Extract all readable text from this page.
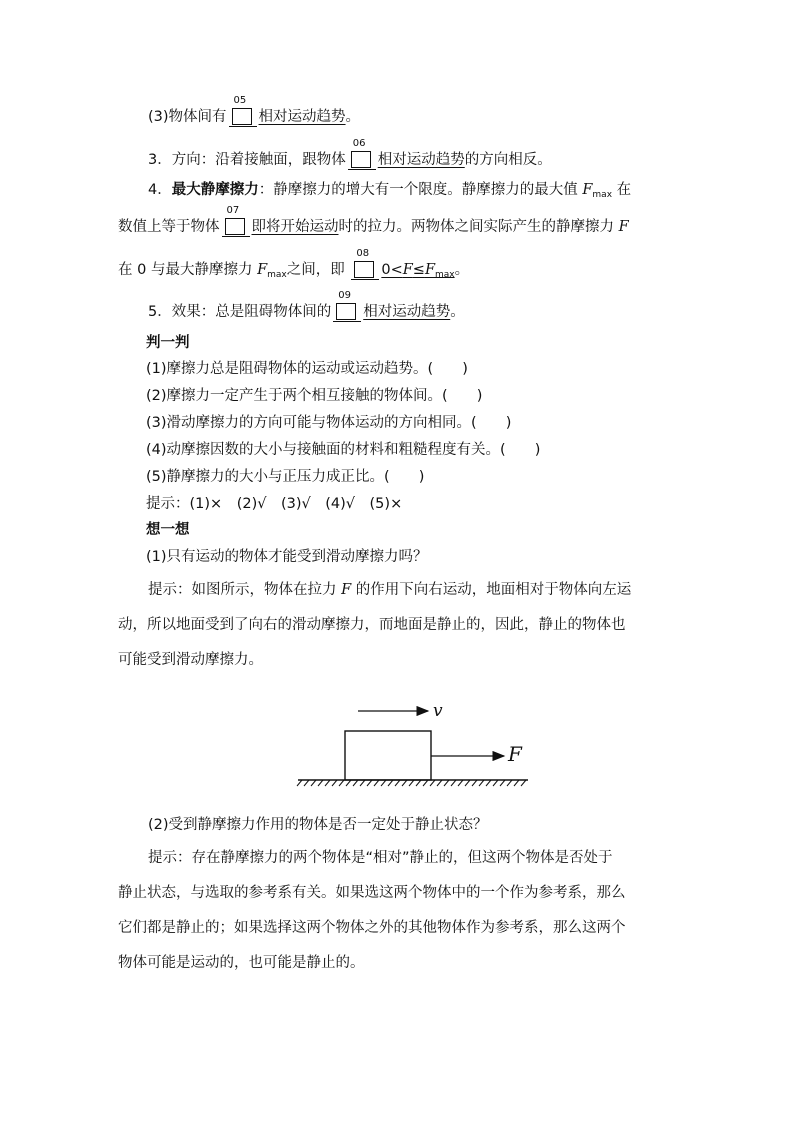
(3)物体间有
05
相对运动趋势。
3．方向：沿着接触面，跟物体
06
相对运动趋势的方向相反。
4．最大静摩擦力：静摩擦力的增大有一个限度。静摩擦力的最大值 $F_{max}$ 在
数值上等于物体
07
即将开始运动时的拉力。两物体之间实际产生的静摩擦力 F
在 0 与最大静摩擦力 $F_{max}$之间，即
08
$0<F\le F_{max}$。
5．效果：总是阻碍物体间的
09
相对运动趋势。
判一判
(1)摩擦力总是阻碍物体的运动或运动趋势。(　　)
(2)摩擦力一定产生于两个相互接触的物体间。(　　)
(3)滑动摩擦力的方向可能与物体运动的方向相同。(　　)
(4)动摩擦因数的大小与接触面的材料和粗糙程度有关。(　　)
(5)静摩擦力的大小与正压力成正比。(　　)
提示：(1)×　(2)√　(3)√　(4)√　(5)×
想一想
(1)只有运动的物体才能受到滑动摩擦力吗？
提示：如图所示，物体在拉力 F 的作用下向右运动，地面相对于物体向左运
动，所以地面受到了向右的滑动摩擦力，而地面是静止的，因此，静止的物体也
可能受到滑动摩擦力。
v
F
(2)受到静摩擦力作用的物体是否一定处于静止状态？
提示：存在静摩擦力的两个物体是“相对”静止的，但这两个物体是否处于
静止状态，与选取的参考系有关。如果选这两个物体中的一个作为参考系，那么
它们都是静止的；如果选择这两个物体之外的其他物体作为参考系，那么这两个
物体可能是运动的，也可能是静止的。
